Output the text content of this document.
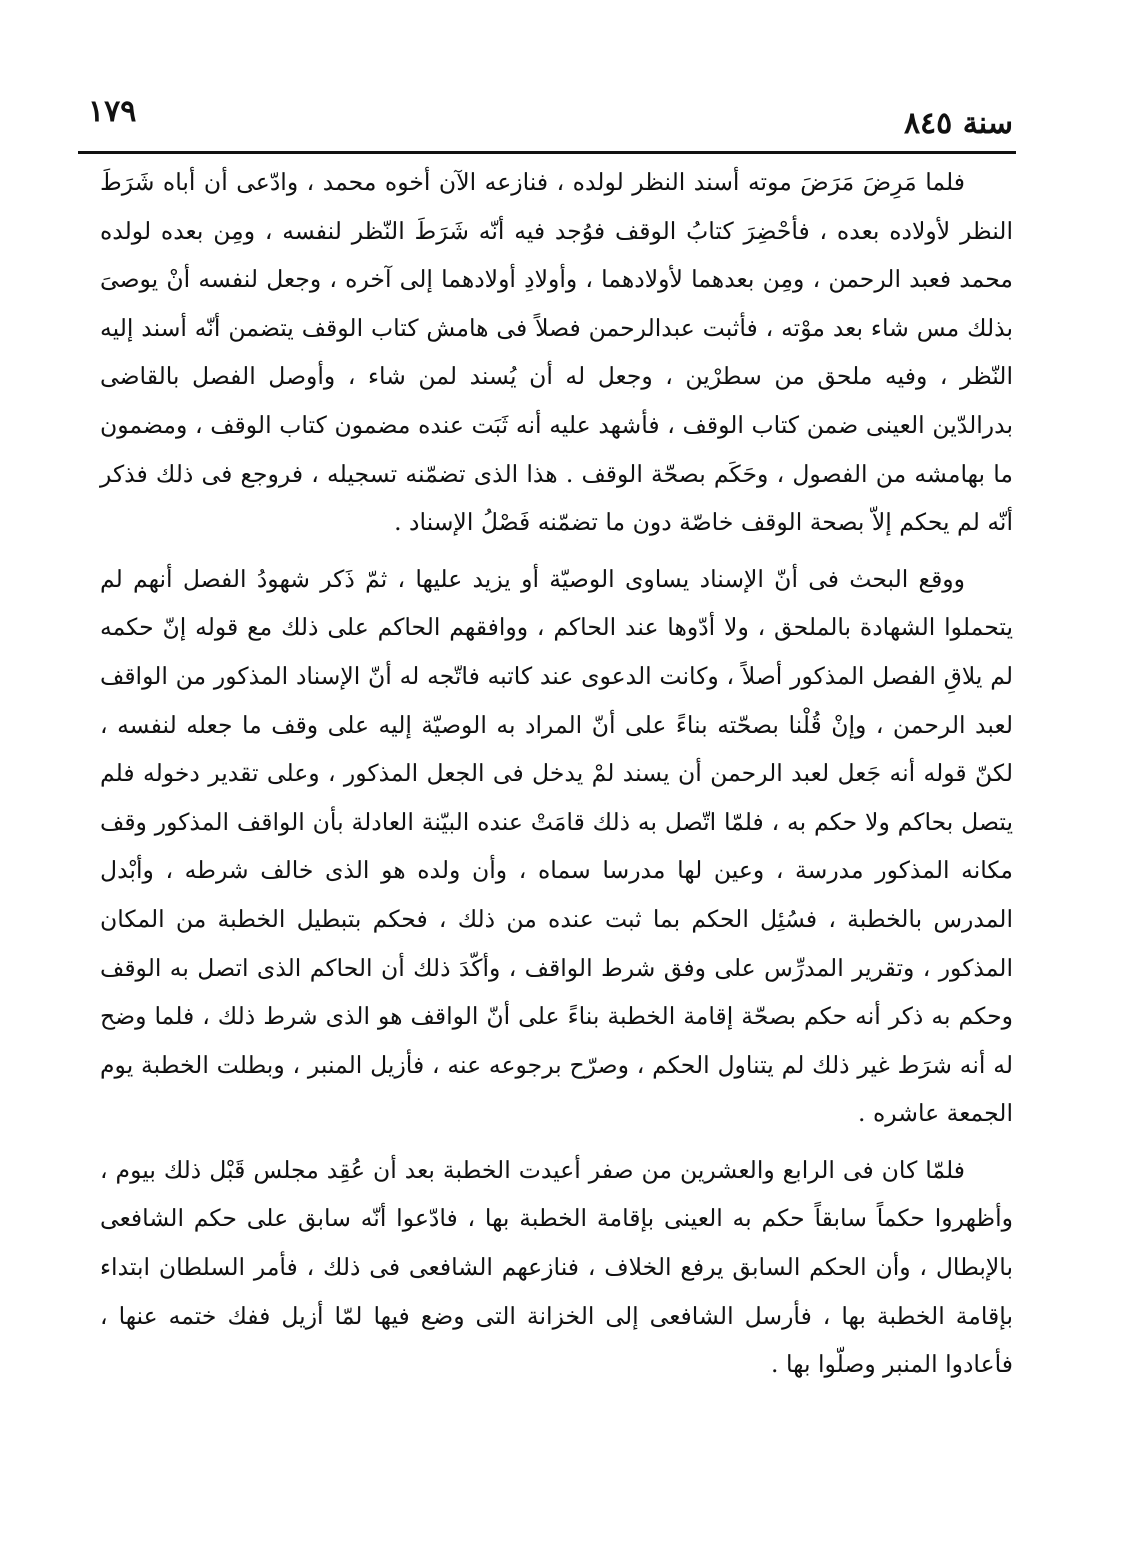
سنة ٨٤٥
١٧٩

فلما مَرِضَ مَرَضَ موته أسند النظر لولده ، فنازعه الآن أخوه محمد ، وادّعى أن أباه شَرَطَ النظر لأولاده بعده ، فأحْضِرَ كتابُ الوقف فوُجد فيه أنّه شَرَطَ النّظر لنفسه ، ومِن بعده لولده محمد فعبد الرحمن ، ومِن بعدهما لأولادهما ، وأولادِ أولادهما إلى آخره ، وجعل لنفسه أنْ يوصىَ بذلك مس شاء بعد موْته ، فأثبت عبدالرحمن فصلاً فى هامش كتاب الوقف يتضمن أنّه أسند إليه النّظر ، وفيه ملحق من سطرْين ، وجعل له أن يُسند لمن شاء ، وأوصل الفصل بالقاضى بدرالدّين العينى ضمن كتاب الوقف ، فأشهد عليه أنه ثَبَت عنده مضمون كتاب الوقف ، ومضمون ما بهامشه من الفصول ، وحَكَم بصحّة الوقف . هذا الذى تضمّنه تسجيله ، فروجع فى ذلك فذكر أنّه لم يحكم إلاّ بصحة الوقف خاصّة دون ما تضمّنه فَصْلُ الإسناد .

ووقع البحث فى أنّ الإسناد يساوى الوصيّة أو يزيد عليها ، ثمّ ذَكر شهودُ الفصل أنهم لم يتحملوا الشهادة بالملحق ، ولا أدّوها عند الحاكم ، ووافقهم الحاكم على ذلك مع قوله إنّ حكمه لم يلاقِ الفصل المذكور أصلاً ، وكانت الدعوى عند كاتبه فاتّجه له أنّ الإسناد المذكور من الواقف لعبد الرحمن ، وإنْ قُلْنا بصحّته بناءً على أنّ المراد به الوصيّة إليه على وقف ما جعله لنفسه ، لكنّ قوله أنه جَعل لعبد الرحمن أن يسند لمْ يدخل فى الجعل المذكور ، وعلى تقدير دخوله فلم يتصل بحاكم ولا حكم به ، فلمّا اتّصل به ذلك قامَتْ عنده البيّنة العادلة بأن الواقف المذكور وقف مكانه المذكور مدرسة ، وعين لها مدرسا سماه ، وأن ولده هو الذى خالف شرطه ، وأبْدل المدرس بالخطبة ، فسُئِل الحكم بما ثبت عنده من ذلك ، فحكم بتبطيل الخطبة من المكان المذكور ، وتقرير المدرِّس على وفق شرط الواقف ، وأكّدَ ذلك أن الحاكم الذى اتصل به الوقف وحكم به ذكر أنه حكم بصحّة إقامة الخطبة بناءً على أنّ الواقف هو الذى شرط ذلك ، فلما وضح له أنه شرَط غير ذلك لم يتناول الحكم ، وصرّح برجوعه عنه ، فأزيل المنبر ، وبطلت الخطبة يوم الجمعة عاشره .

فلمّا كان فى الرابع والعشرين من صفر أعيدت الخطبة بعد أن عُقِد مجلس قَبْل ذلك بيوم ، وأظهروا حكماً سابقاً حكم به العينى بإقامة الخطبة بها ، فادّعوا أنّه سابق على حكم الشافعى بالإبطال ، وأن الحكم السابق يرفع الخلاف ، فنازعهم الشافعى فى ذلك ، فأمر السلطان ابتداء بإقامة الخطبة بها ، فأرسل الشافعى إلى الخزانة التى وضع فيها لمّا أزيل ففك ختمه عنها ، فأعادوا المنبر وصلّوا بها .
